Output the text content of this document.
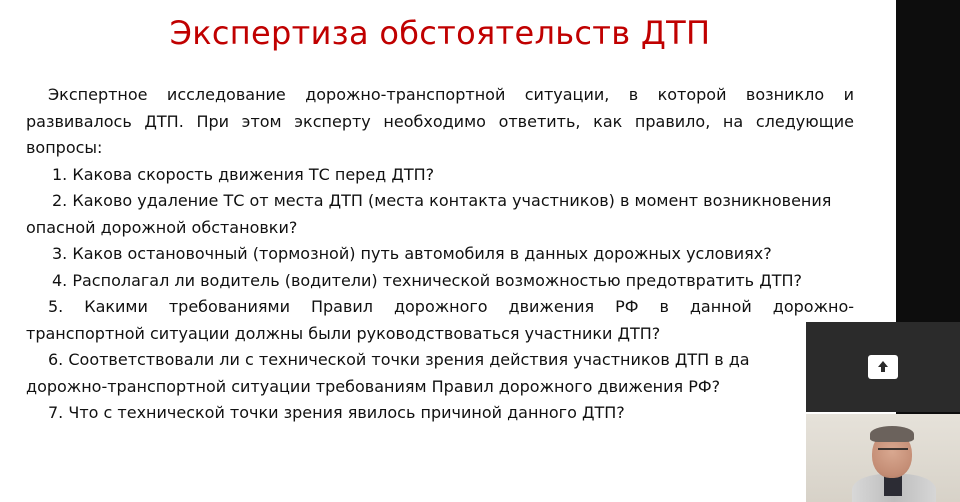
Экспертиза обстоятельств ДТП

Экспертное исследование дорожно-транспортной ситуации, в которой возникло и

развивалось ДТП. При этом эксперту необходимо ответить, как правило, на следующие

вопросы:

1. Какова скорость движения ТС перед ДТП?

2. Каково удаление ТС от места ДТП (места контакта участников) в момент возникновения

опасной дорожной обстановки?

3. Каков остановочный (тормозной) путь автомобиля в данных дорожных условиях?

4. Располагал ли водитель (водители) технической возможностью предотвратить ДТП?

5. Какими требованиями Правил дорожного движения РФ в данной дорожно-

транспортной ситуации должны были руководствоваться участники ДТП?

6. Соответствовали ли с технической точки зрения действия участников ДТП в да

дорожно-транспортной ситуации требованиям Правил дорожного движения РФ?

7. Что с технической точки зрения явилось причиной данного ДТП?
